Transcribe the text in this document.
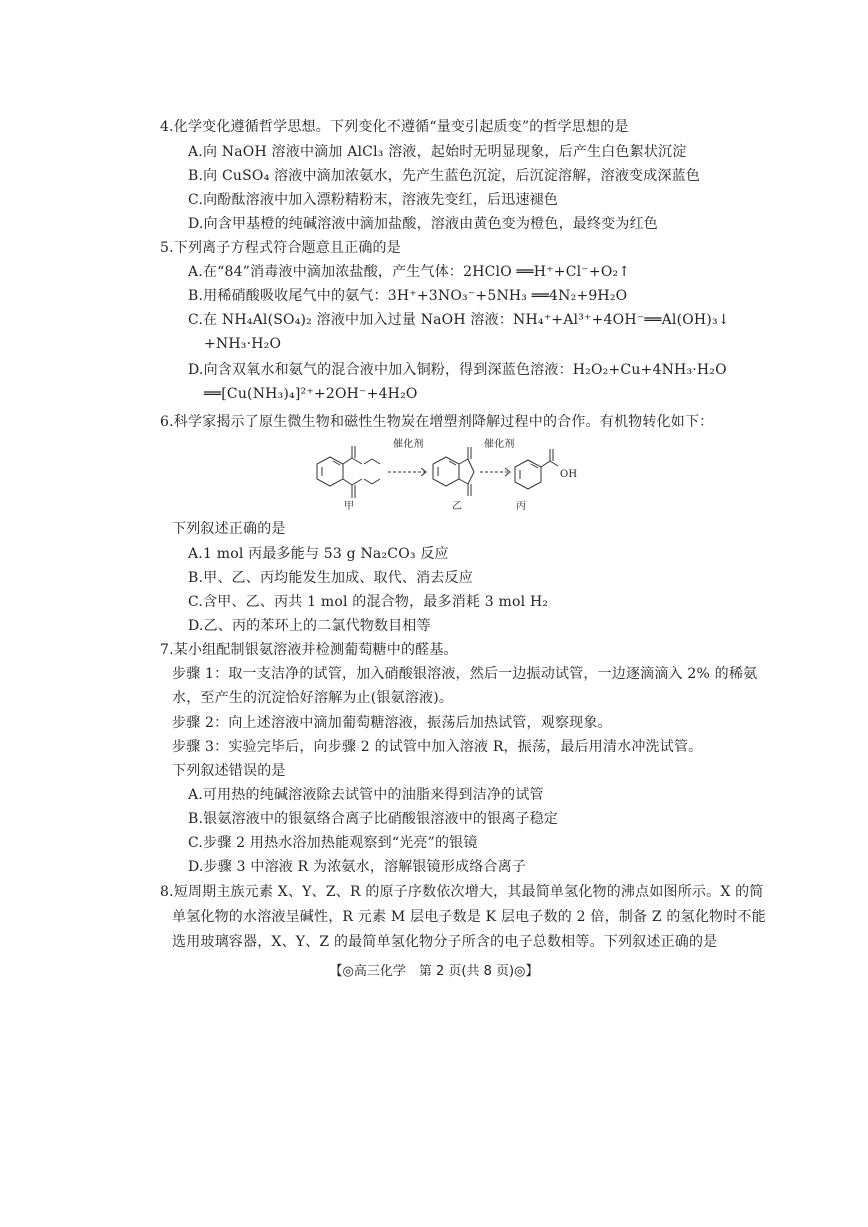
4.化学变化遵循哲学思想。下列变化不遵循“量变引起质变”的哲学思想的是
A.向 NaOH 溶液中滴加 AlCl₃ 溶液，起始时无明显现象，后产生白色絮状沉淀
B.向 CuSO₄ 溶液中滴加浓氨水，先产生蓝色沉淀，后沉淀溶解，溶液变成深蓝色
C.向酚酞溶液中加入漂粉精粉末，溶液先变红，后迅速褪色
D.向含甲基橙的纯碱溶液中滴加盐酸，溶液由黄色变为橙色，最终变为红色
5.下列离子方程式符合题意且正确的是
A.在“84”消毒液中滴加浓盐酸，产生气体：2HClO ══H⁺+Cl⁻+O₂↑
B.用稀硝酸吸收尾气中的氨气：3H⁺+3NO₃⁻+5NH₃ ══4N₂+9H₂O
C.在 NH₄Al(SO₄)₂ 溶液中加入过量 NaOH 溶液：NH₄⁺+Al³⁺+4OH⁻══Al(OH)₃↓
+NH₃·H₂O
D.向含双氧水和氨气的混合液中加入铜粉，得到深蓝色溶液：H₂O₂+Cu+4NH₃·H₂O
══[Cu(NH₃)₄]²⁺+2OH⁻+4H₂O
6.科学家揭示了原生微生物和磁性生物炭在增塑剂降解过程中的合作。有机物转化如下：
催化剂	催化剂
OH
甲	乙	丙
下列叙述正确的是
A.1 mol 丙最多能与 53 g Na₂CO₃ 反应
B.甲、乙、丙均能发生加成、取代、消去反应
C.含甲、乙、丙共 1 mol 的混合物，最多消耗 3 mol H₂
D.乙、丙的苯环上的二氯代物数目相等
7.某小组配制银氨溶液并检测葡萄糖中的醛基。
步骤 1：取一支洁净的试管，加入硝酸银溶液，然后一边振动试管，一边逐滴滴入 2% 的稀氨
水，至产生的沉淀恰好溶解为止(银氨溶液)。
步骤 2：向上述溶液中滴加葡萄糖溶液，振荡后加热试管，观察现象。
步骤 3：实验完毕后，向步骤 2 的试管中加入溶液 R，振荡，最后用清水冲洗试管。
下列叙述错误的是
A.可用热的纯碱溶液除去试管中的油脂来得到洁净的试管
B.银氨溶液中的银氨络合离子比硝酸银溶液中的银离子稳定
C.步骤 2 用热水浴加热能观察到“光亮”的银镜
D.步骤 3 中溶液 R 为浓氨水，溶解银镜形成络合离子
8.短周期主族元素 X、Y、Z、R 的原子序数依次增大，其最简单氢化物的沸点如图所示。X 的简
单氢化物的水溶液呈碱性，R 元素 M 层电子数是 K 层电子数的 2 倍，制备 Z 的氢化物时不能
选用玻璃容器，X、Y、Z 的最简单氢化物分子所含的电子总数相等。下列叙述正确的是
【◎高三化学　第 2 页(共 8 页)◎】
